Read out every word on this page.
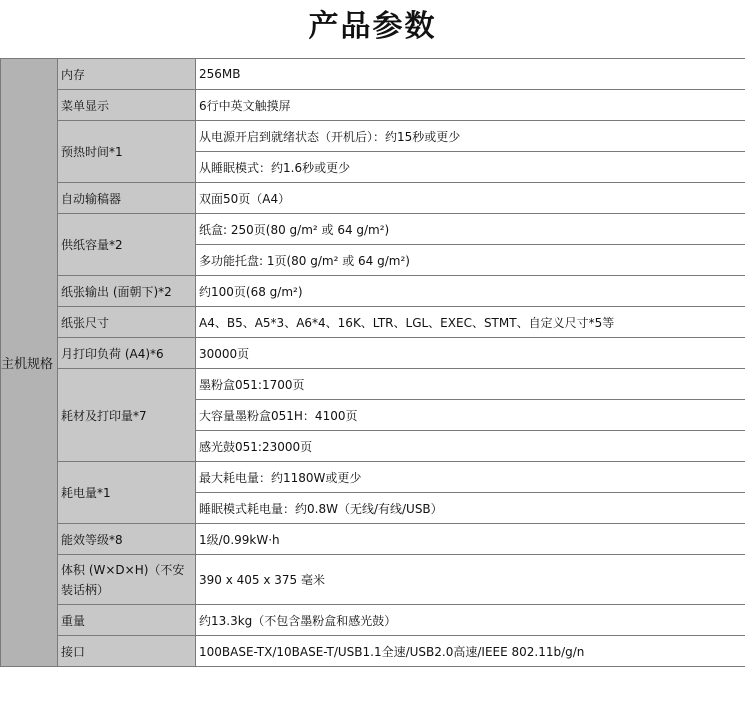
产品参数
主机规格	内存	256MB
	菜单显示	6行中英文触摸屏
	预热时间*1	从电源开启到就绪状态（开机后）：约15秒或更少
		从睡眠模式：约1.6秒或更少
	自动输稿器	双面50页（A4）
	供纸容量*2	纸盒: 250页(80 g/m² 或 64 g/m²)
		多功能托盘: 1页(80 g/m² 或 64 g/m²)
	纸张输出 (面朝下)*2	约100页(68 g/m²)
	纸张尺寸	A4、B5、A5*3、A6*4、16K、LTR、LGL、EXEC、STMT、自定义尺寸*5等
	月打印负荷 (A4)*6	30000页
	耗材及打印量*7	墨粉盒051:1700页
		大容量墨粉盒051H：4100页
		感光鼓051:23000页
	耗电量*1	最大耗电量：约1180W或更少
		睡眠模式耗电量：约0.8W（无线/有线/USB）
	能效等级*8	1级/0.99kW·h
	体积 (W×D×H)（不安装话柄）	390 x 405 x 375 毫米
	重量	约13.3kg（不包含墨粉盒和感光鼓）
	接口	100BASE-TX/10BASE-T/USB1.1全速/USB2.0高速/IEEE 802.11b/g/n
